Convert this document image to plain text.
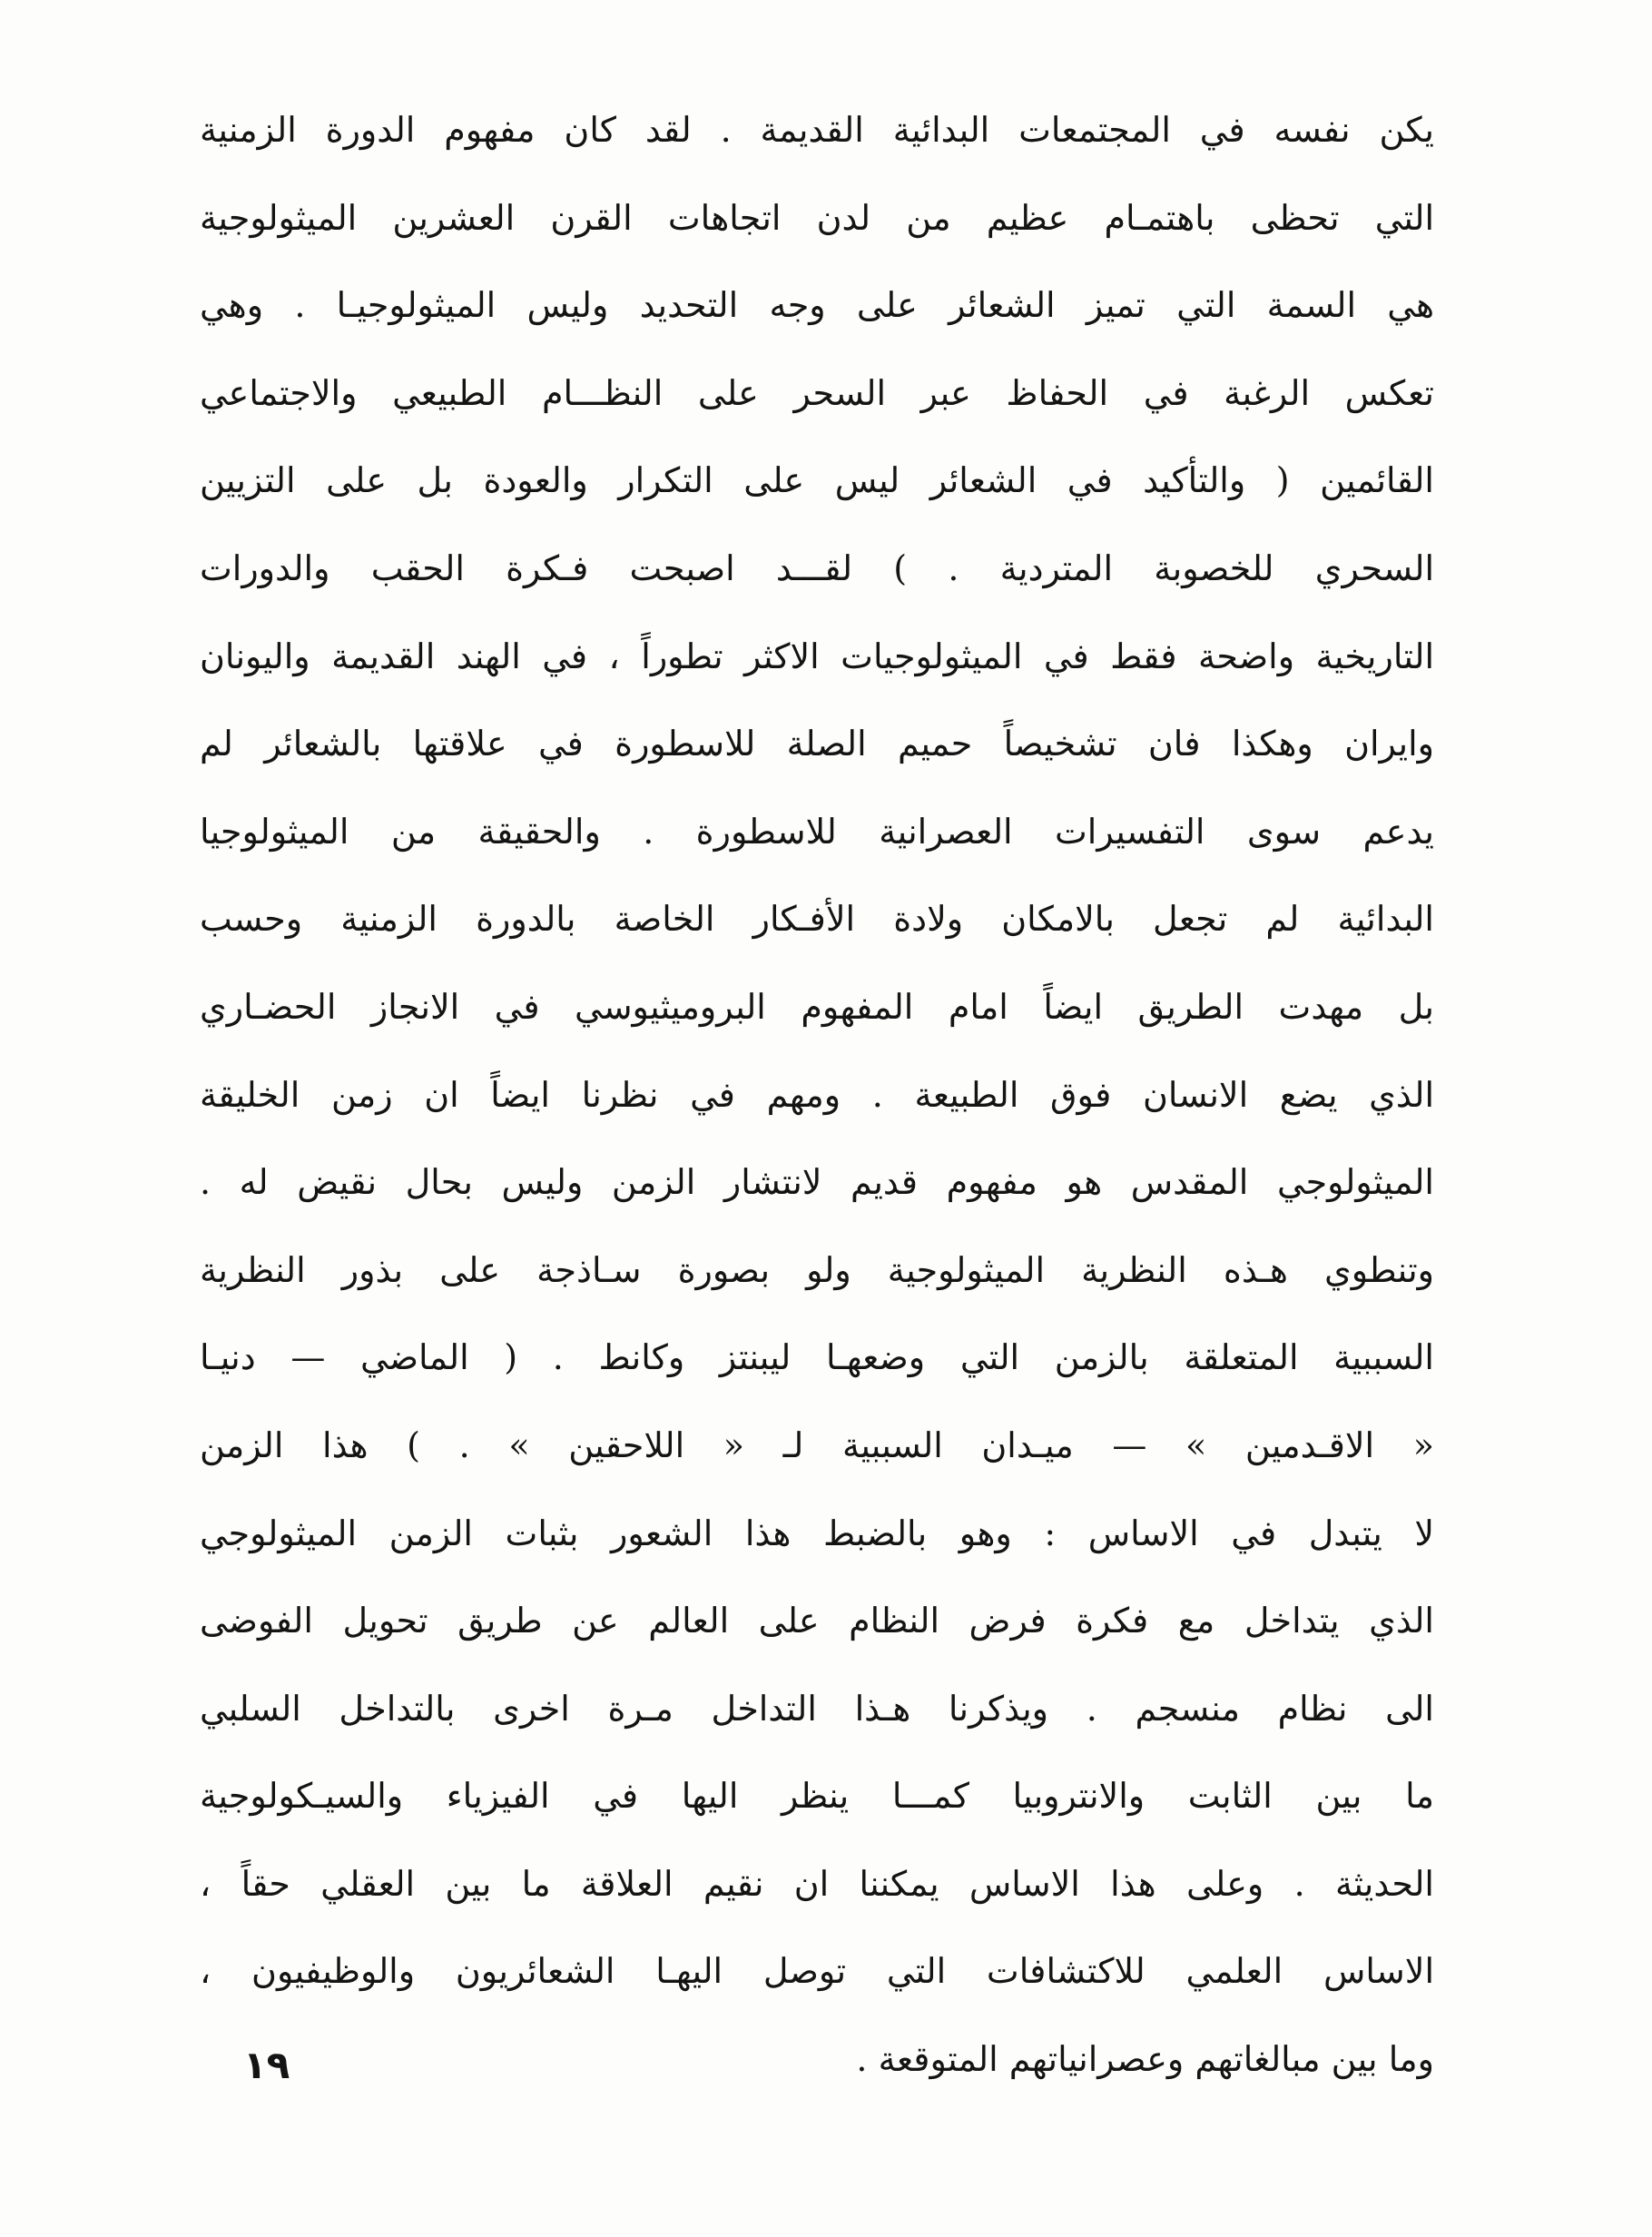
يكن نفسه في المجتمعات البدائية القديمة . لقد كان مفهوم الدورة الزمنية
التي تحظى باهتمـام عظيم من لدن اتجاهات القرن العشرين الميثولوجية
هي السمة التي تميز الشعائر على وجه التحديد وليس الميثولوجيـا . وهي
تعكس الرغبة في الحفاظ عبر السحر على النظـــام الطبيعي والاجتماعي
القائمين ( والتأكيد في الشعائر ليس على التكرار والعودة بل على التزيين
السحري للخصوبة المتردية . ) لقـــد اصبحت فـكرة الحقب والدورات
التاريخية واضحة فقط في الميثولوجيات الاكثر تطوراً ، في الهند القديمة واليونان
وايران وهكذا فان تشخيصاً حميم الصلة للاسطورة في علاقتها بالشعائر لم
يدعم سوى التفسيرات العصرانية للاسطورة . والحقيقة من الميثولوجيا
البدائية لم تجعل بالامكان ولادة الأفـكار الخاصة بالدورة الزمنية وحسب
بل مهدت الطريق ايضاً امام المفهوم البروميثيوسي في الانجاز الحضـاري
الذي يضع الانسان فوق الطبيعة . ومهم في نظرنا ايضاً ان زمن الخليقة
الميثولوجي المقدس هو مفهوم قديم لانتشار الزمن وليس بحال نقيض له .
وتنطوي هـذه النظرية الميثولوجية ولو بصورة سـاذجة على بذور النظرية
السببية المتعلقة بالزمن التي وضعهـا ليبنتز وكانط . ( الماضي — دنيـا
« الاقـدمين » — ميـدان السببية لـ « اللاحقين » . ) هذا الزمن
لا يتبدل في الاساس : وهو بالضبط هذا الشعور بثبات الزمن الميثولوجي
الذي يتداخل مع فكرة فرض النظام على العالم عن طريق تحويل الفوضى
الى نظام منسجم . ويذكرنا هـذا التداخل مـرة اخرى بالتداخل السلبي
ما بين الثابت والانتروبيا كمـــا ينظر اليها في الفيزياء والسيـكولوجية
الحديثة . وعلى هذا الاساس يمكننا ان نقيم العلاقة ما بين العقلي حقاً ،
الاساس العلمي للاكتشافات التي توصل اليهـا الشعائريون والوظيفيون ،
وما بين مبالغاتهم وعصرانياتهم المتوقعة .
١٩
